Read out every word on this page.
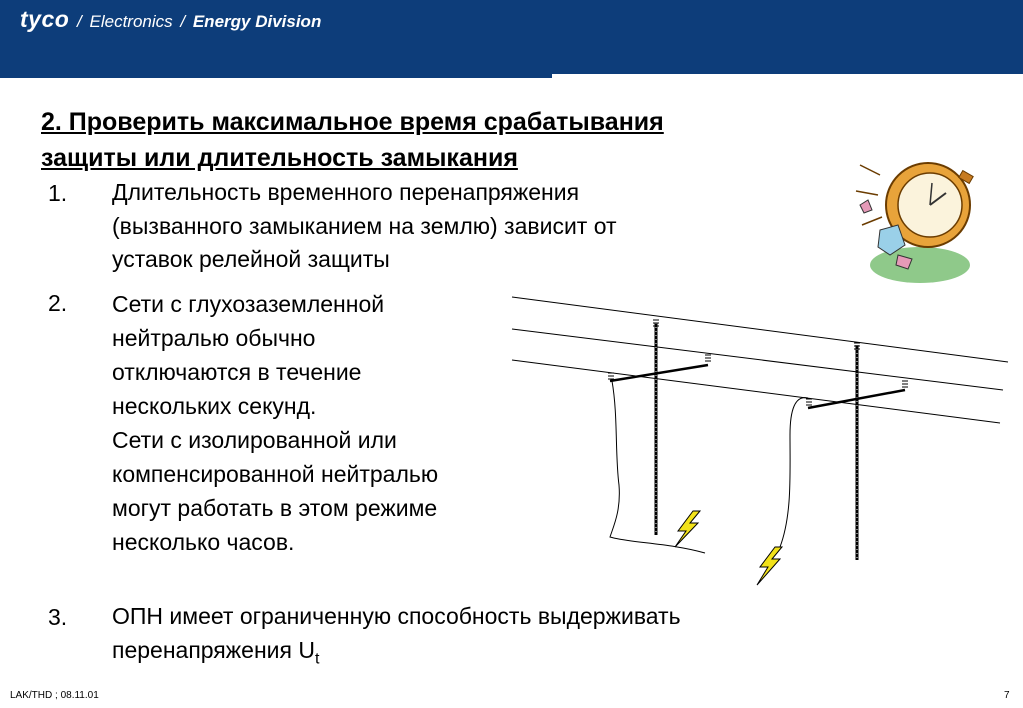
tyco / Electronics / Energy Division
2. Проверить максимальное время срабатывания
защиты или длительность замыкания
1. Длительность временного перенапряжения
(вызванного замыканием на землю) зависит от
уставок релейной защиты
2. Сети с глухозаземленной
нейтралью обычно
отключаются в течение
нескольких секунд.
Сети с изолированной или
компенсированной нейтралью
могут работать в этом режиме
несколько часов.
3. ОПН имеет ограниченную способность выдерживать
перенапряжения $U_t$
LAK/THD ; 08.11.01	7
